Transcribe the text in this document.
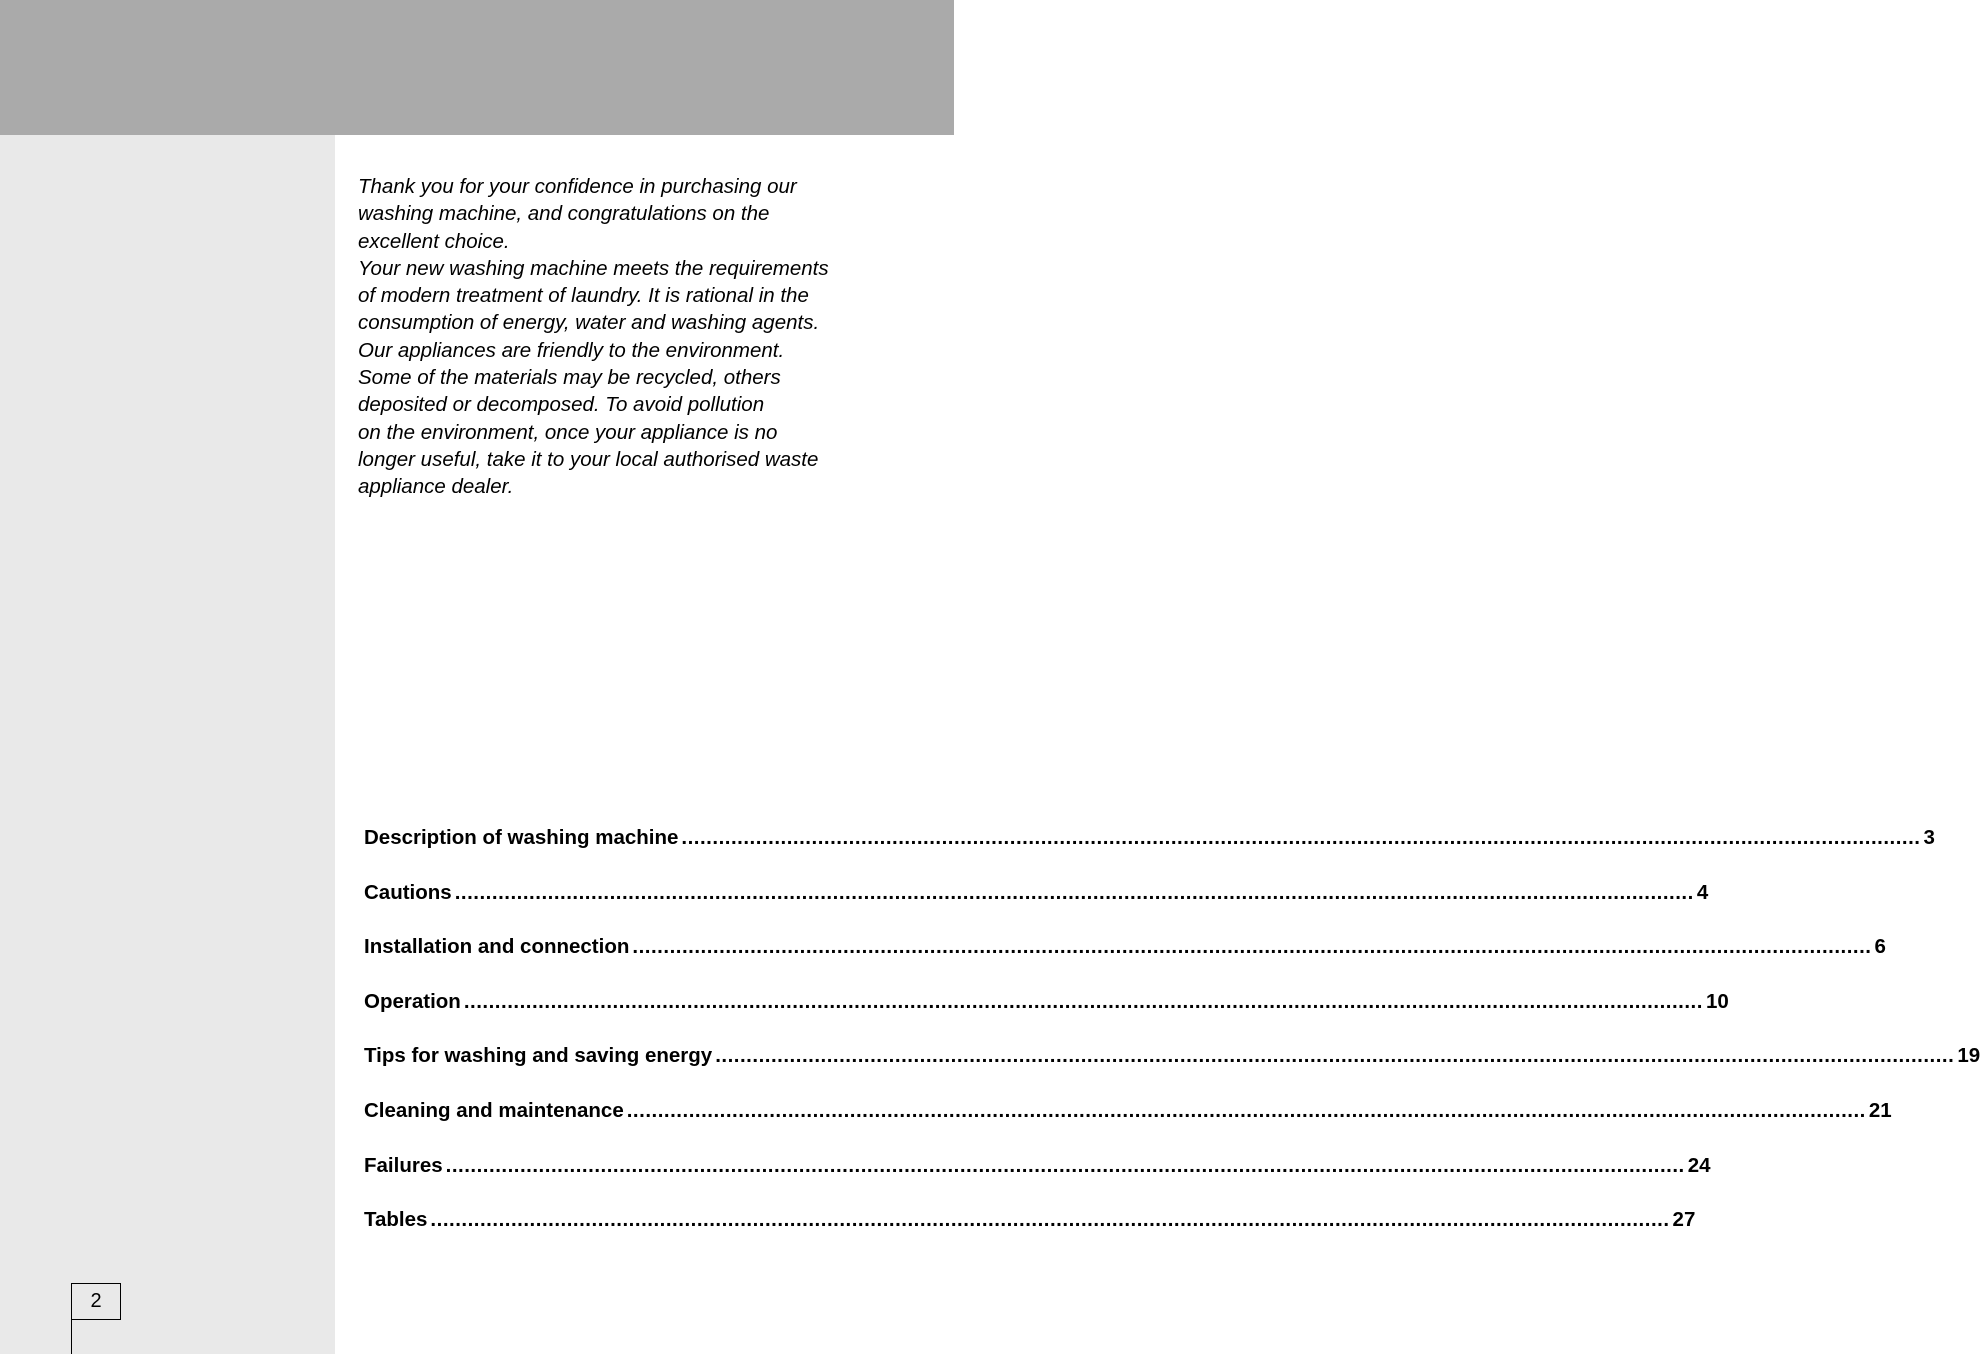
Thank you for your confidence in purchasing our
washing machine, and congratulations on the
excellent choice.
Your new washing machine meets the requirements
of modern treatment of laundry. It is rational in the
consumption of energy, water and washing agents.
Our appliances are friendly to the environment.
Some of the materials may be recycled, others
deposited or decomposed. To avoid pollution
on the environment, once your appliance is no
longer useful, take it to your local authorised waste
appliance dealer.

Description of washing machine ........................................................................................................................................................................................................ 3
Cautions ........................................................................................................................................................................................................ 4
Installation and connection ........................................................................................................................................................................................................ 6
Operation ........................................................................................................................................................................................................ 10
Tips for washing and saving energy ........................................................................................................................................................................................................ 19
Cleaning and maintenance ........................................................................................................................................................................................................ 21
Failures ........................................................................................................................................................................................................ 24
Tables ........................................................................................................................................................................................................ 27
2
